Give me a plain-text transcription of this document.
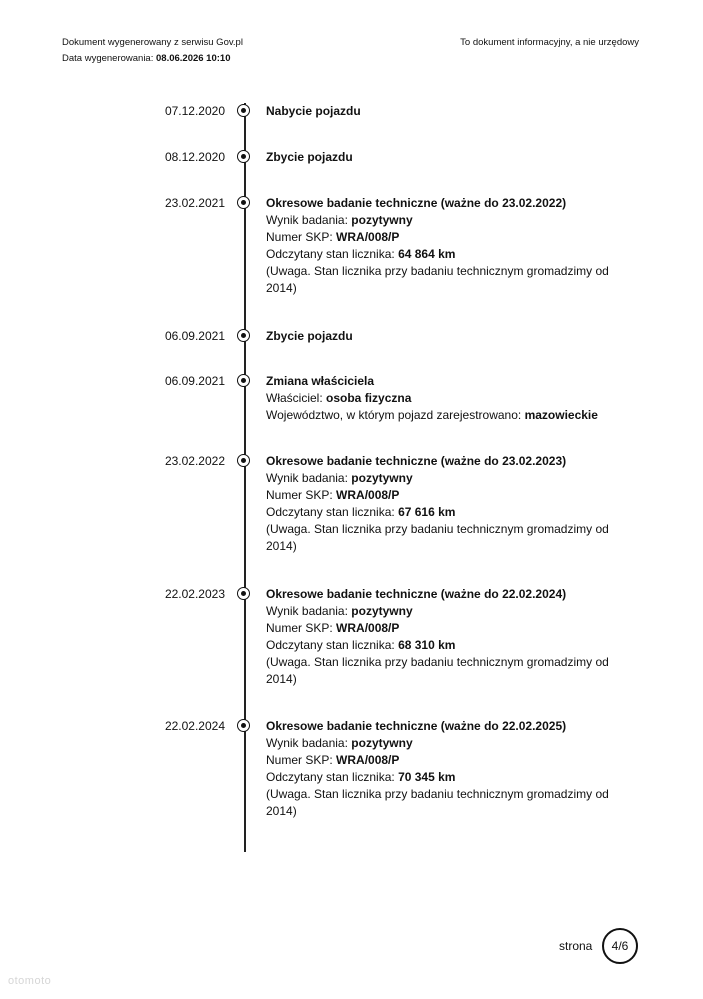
Dokument wygenerowany z serwisu Gov.pl
Data wygenerowania: 08.06.2026 10:10
To dokument informacyjny, a nie urzędowy
07.12.2020	Nabycie pojazdu
08.12.2020	Zbycie pojazdu
23.02.2021	Okresowe badanie techniczne (ważne do 23.02.2022)
Wynik badania: pozytywny
Numer SKP: WRA/008/P
Odczytany stan licznika: 64 864 km
(Uwaga. Stan licznika przy badaniu technicznym gromadzimy od 2014)
06.09.2021	Zbycie pojazdu
06.09.2021	Zmiana właściciela
Właściciel: osoba fizyczna
Województwo, w którym pojazd zarejestrowano: mazowieckie
23.02.2022	Okresowe badanie techniczne (ważne do 23.02.2023)
Wynik badania: pozytywny
Numer SKP: WRA/008/P
Odczytany stan licznika: 67 616 km
(Uwaga. Stan licznika przy badaniu technicznym gromadzimy od 2014)
22.02.2023	Okresowe badanie techniczne (ważne do 22.02.2024)
Wynik badania: pozytywny
Numer SKP: WRA/008/P
Odczytany stan licznika: 68 310 km
(Uwaga. Stan licznika przy badaniu technicznym gromadzimy od 2014)
22.02.2024	Okresowe badanie techniczne (ważne do 22.02.2025)
Wynik badania: pozytywny
Numer SKP: WRA/008/P
Odczytany stan licznika: 70 345 km
(Uwaga. Stan licznika przy badaniu technicznym gromadzimy od 2014)
strona 4/6
otomoto
